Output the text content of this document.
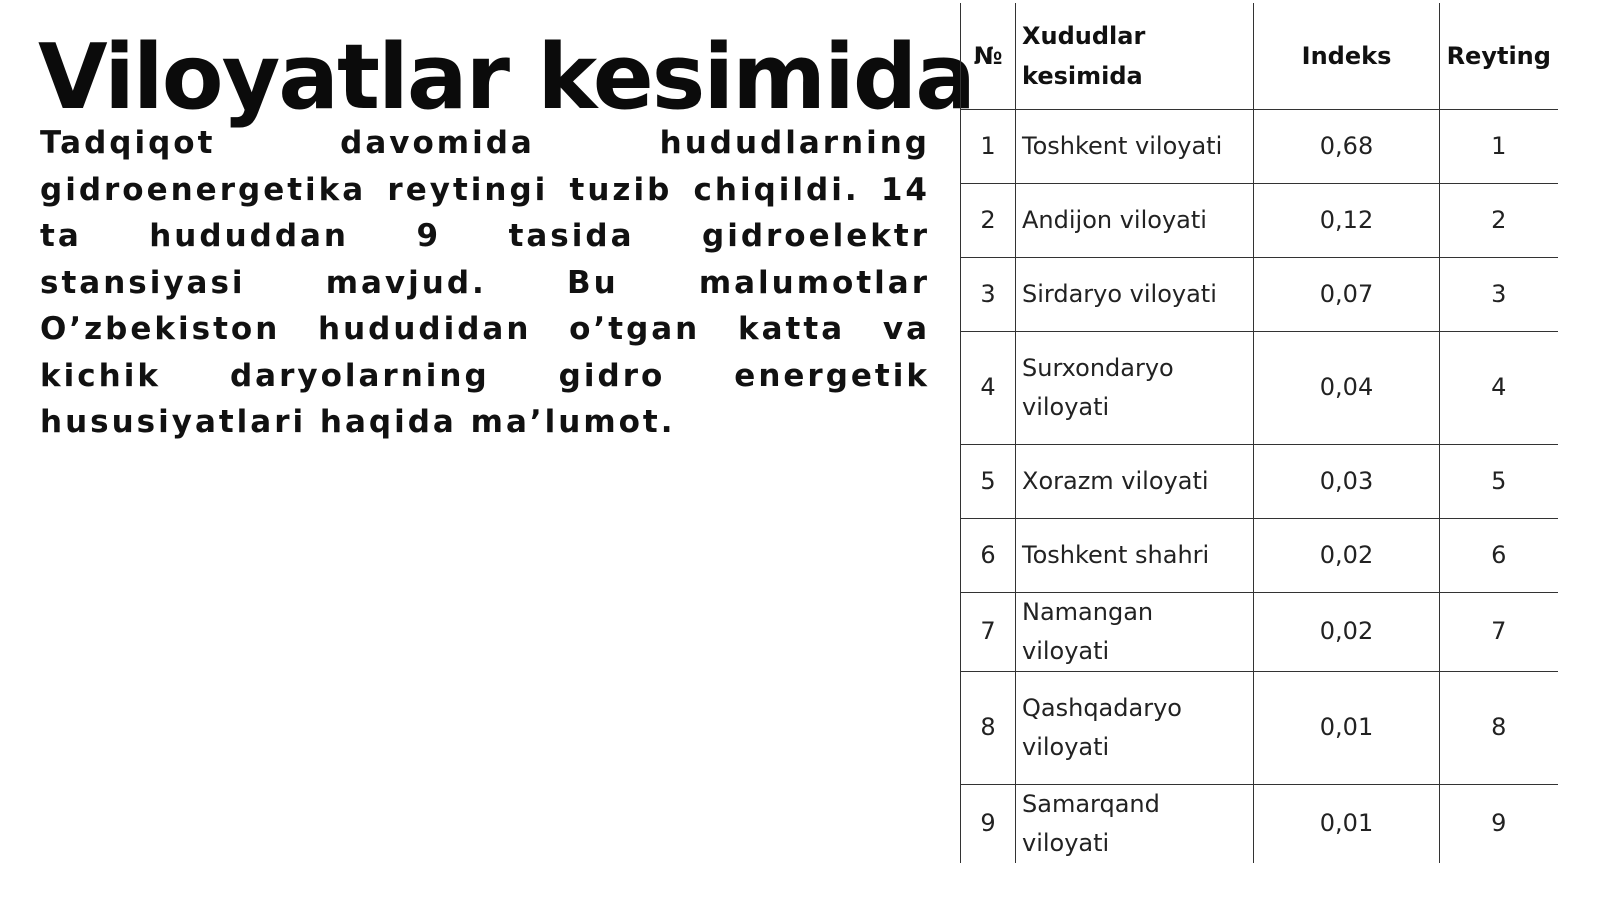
Viloyatlar kesimida

Tadqiqot davomida hududlarning gidroenergetika reytingi tuzib chiqildi. 14 ta hududdan 9 tasida gidroelektr stansiyasi mavjud. Bu malumotlar O’zbekiston hududidan o’tgan katta va kichik daryolarning gidro energetik hususiyatlari haqida ma’lumot.

№	Xududlar kesimida	Indeks	Reyting
1	Toshkent viloyati	0,68	1
2	Andijon viloyati	0,12	2
3	Sirdaryo viloyati	0,07	3
4	Surxondaryo viloyati	0,04	4
5	Xorazm viloyati	0,03	5
6	Toshkent shahri	0,02	6
7	Namangan viloyati	0,02	7
8	Qashqadaryo viloyati	0,01	8
9	Samarqand viloyati	0,01	9
